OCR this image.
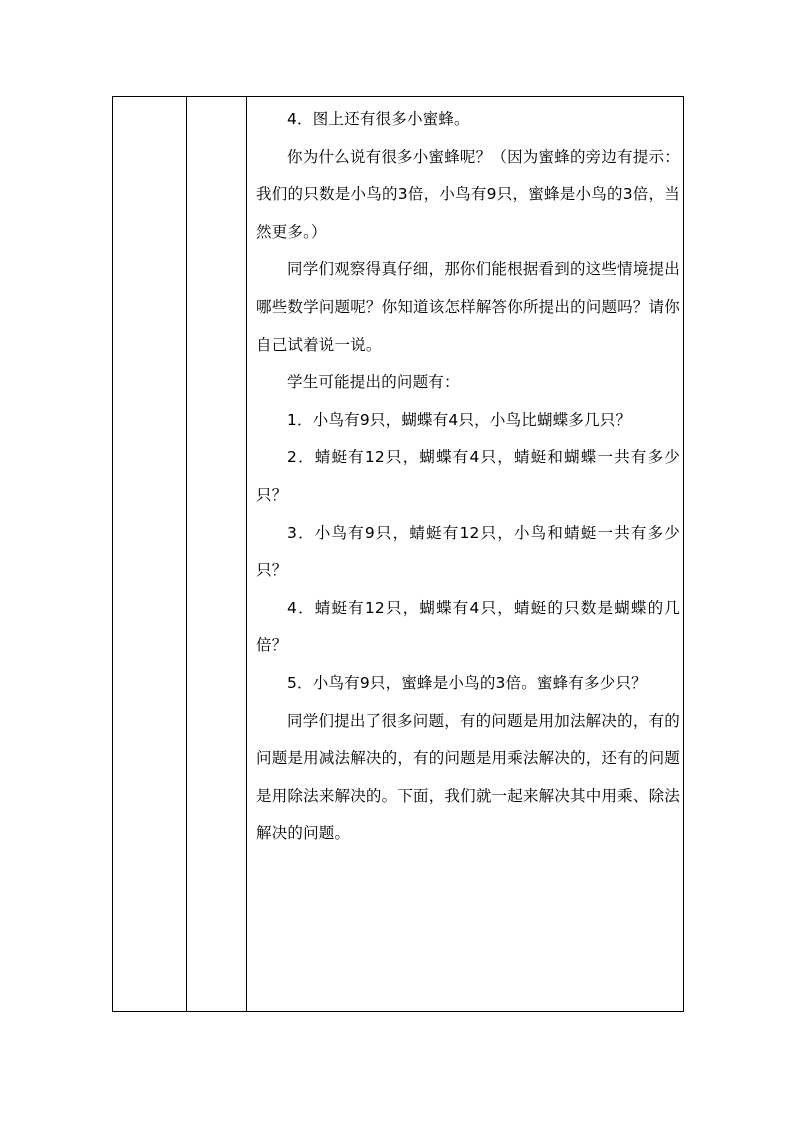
4．图上还有很多小蜜蜂。

你为什么说有很多小蜜蜂呢？（因为蜜蜂的旁边有提示：我们的只数是小鸟的3倍，小鸟有9只，蜜蜂是小鸟的3倍，当然更多。）

同学们观察得真仔细，那你们能根据看到的这些情境提出哪些数学问题呢？你知道该怎样解答你所提出的问题吗？请你自己试着说一说。

学生可能提出的问题有：

1．小鸟有9只，蝴蝶有4只，小鸟比蝴蝶多几只？

2．蜻蜓有12只，蝴蝶有4只，蜻蜓和蝴蝶一共有多少只？

3．小鸟有9只，蜻蜓有12只，小鸟和蜻蜓一共有多少只？

4．蜻蜓有12只，蝴蝶有4只，蜻蜓的只数是蝴蝶的几倍？

5．小鸟有9只，蜜蜂是小鸟的3倍。蜜蜂有多少只？

同学们提出了很多问题，有的问题是用加法解决的，有的问题是用减法解决的，有的问题是用乘法解决的，还有的问题是用除法来解决的。下面，我们就一起来解决其中用乘、除法解决的问题。
